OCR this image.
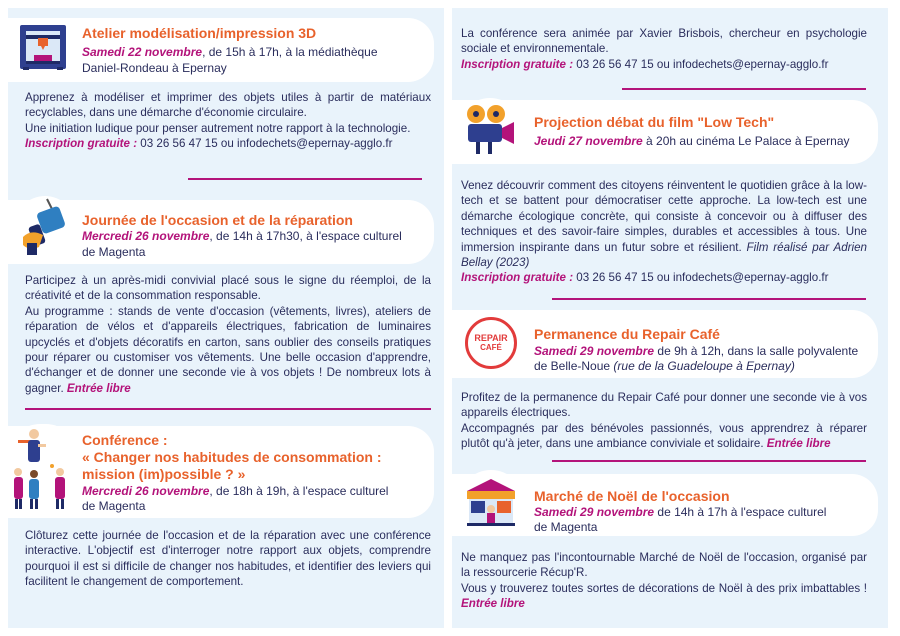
Atelier modélisation/impression 3D
Samedi 22 novembre, de 15h à 17h, à la médiathèque
Daniel-Rondeau à Epernay

Apprenez à modéliser et imprimer des objets utiles à partir de matériaux recyclables, dans une démarche d'économie circulaire.

Une initiation ludique pour penser autrement notre rapport à la technologie.

Inscription gratuite : 03 26 56 47 15 ou infodechets@epernay-agglo.fr

Journée de l'occasion et de la réparation
Mercredi 26 novembre, de 14h à 17h30, à l'espace culturel
de Magenta

Participez à un après-midi convivial placé sous le signe du réemploi, de la créativité et de la consommation responsable.

Au programme : stands de vente d'occasion (vêtements, livres), ateliers de réparation de vélos et d'appareils électriques, fabrication de luminaires upcyclés et d'objets décoratifs en carton, sans oublier des conseils pratiques pour réparer ou customiser vos vêtements. Une belle occasion d'apprendre, d'échanger et de donner une seconde vie à vos objets ! De nombreux lots à gagner. Entrée libre

Conférence :
« Changer nos habitudes de consommation :
mission (im)possible ? »
Mercredi 26 novembre, de 18h à 19h, à l'espace culturel
de Magenta

Clôturez cette journée de l'occasion et de la réparation avec une conférence interactive. L'objectif est d'interroger notre rapport aux objets, comprendre pourquoi il est si difficile de changer nos habitudes, et identifier des leviers qui facilitent le changement de comportement.

La conférence sera animée par Xavier Brisbois, chercheur en psychologie sociale et environnementale.

Inscription gratuite : 03 26 56 47 15 ou infodechets@epernay-agglo.fr

Projection débat du film "Low Tech"
Jeudi 27 novembre à 20h au cinéma Le Palace à Epernay

Venez découvrir comment des citoyens réinventent le quotidien grâce à la low-tech et se battent pour démocratiser cette approche. La low-tech est une démarche écologique concrète, qui consiste à concevoir ou à diffuser des techniques et des savoir-faire simples, durables et accessibles à tous. Une immersion inspirante dans un futur sobre et résilient. Film réalisé par Adrien Bellay (2023)

Inscription gratuite : 03 26 56 47 15 ou infodechets@epernay-agglo.fr

REPAIR
CAFÉ
Permanence du Repair Café
Samedi 29 novembre de 9h à 12h, dans la salle polyvalente
de Belle-Noue (rue de la Guadeloupe à Epernay)

Profitez de la permanence du Repair Café pour donner une seconde vie à vos appareils électriques.

Accompagnés par des bénévoles passionnés, vous apprendrez à réparer plutôt qu'à jeter, dans une ambiance conviviale et solidaire. Entrée libre

Marché de Noël de l'occasion
Samedi 29 novembre de 14h à 17h à l'espace culturel
de Magenta

Ne manquez pas l'incontournable Marché de Noël de l'occasion, organisé par la ressourcerie Récup'R.

Vous y trouverez toutes sortes de décorations de Noël à des prix imbattables ! Entrée libre
